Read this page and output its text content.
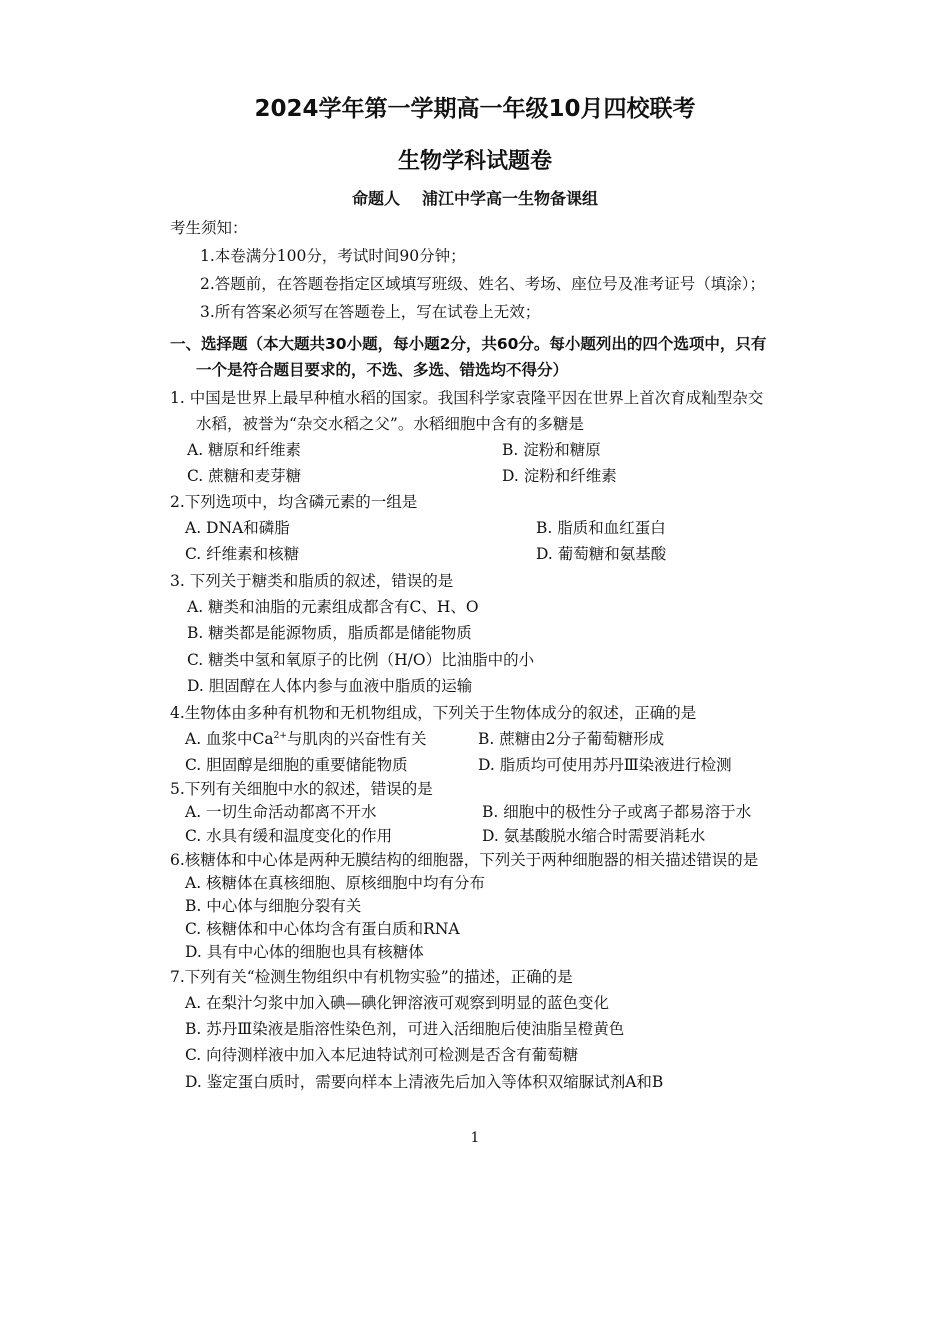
2024学年第一学期高一年级10月四校联考
生物学科试题卷
命题人 浦江中学高一生物备课组
考生须知：
1.本卷满分100分，考试时间90分钟；
2.答题前，在答题卷指定区域填写班级、姓名、考场、座位号及准考证号（填涂）；
3.所有答案必须写在答题卷上，写在试卷上无效；
一、选择题（本大题共30小题，每小题2分，共60分。每小题列出的四个选项中，只有
一个是符合题目要求的，不选、多选、错选均不得分）
1. 中国是世界上最早种植水稻的国家。我国科学家袁隆平因在世界上首次育成籼型杂交
水稻，被誉为“杂交水稻之父”。水稻细胞中含有的多糖是
A. 糖原和纤维素	B. 淀粉和糖原
C. 蔗糖和麦芽糖	D. 淀粉和纤维素
2.下列选项中，均含磷元素的一组是
A. DNA和磷脂	B. 脂质和血红蛋白
C. 纤维素和核糖	D. 葡萄糖和氨基酸
3. 下列关于糖类和脂质的叙述，错误的是
A. 糖类和油脂的元素组成都含有C、H、O
B. 糖类都是能源物质，脂质都是储能物质
C. 糖类中氢和氧原子的比例（H/O）比油脂中的小
D. 胆固醇在人体内参与血液中脂质的运输
4.生物体由多种有机物和无机物组成，下列关于生物体成分的叙述，正确的是
A. 血浆中$Ca^{2+}$与肌肉的兴奋性有关	B. 蔗糖由2分子葡萄糖形成
C. 胆固醇是细胞的重要储能物质	D. 脂质均可使用苏丹Ⅲ染液进行检测
5.下列有关细胞中水的叙述，错误的是
A. 一切生命活动都离不开水	B. 细胞中的极性分子或离子都易溶于水
C. 水具有缓和温度变化的作用	D. 氨基酸脱水缩合时需要消耗水
6.核糖体和中心体是两种无膜结构的细胞器，下列关于两种细胞器的相关描述错误的是
A. 核糖体在真核细胞、原核细胞中均有分布
B. 中心体与细胞分裂有关
C. 核糖体和中心体均含有蛋白质和RNA
D. 具有中心体的细胞也具有核糖体
7.下列有关“检测生物组织中有机物实验”的描述，正确的是
A. 在梨汁匀浆中加入碘—碘化钾溶液可观察到明显的蓝色变化
B. 苏丹Ⅲ染液是脂溶性染色剂，可进入活细胞后使油脂呈橙黄色
C. 向待测样液中加入本尼迪特试剂可检测是否含有葡萄糖
D. 鉴定蛋白质时，需要向样本上清液先后加入等体积双缩脲试剂A和B
1
